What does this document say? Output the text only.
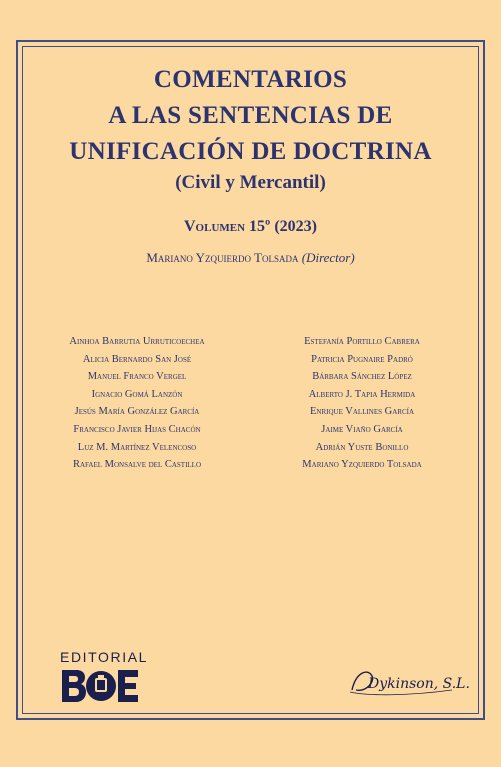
COMENTARIOS
A LAS SENTENCIAS DE
UNIFICACIÓN DE DOCTRINA
(Civil y Mercantil)
Volumen 15º (2023)
Mariano Yzquierdo Tolsada (Director)
Ainhoa Barrutia Urruticoechea
Alicia Bernardo San José
Manuel Franco Vergel
Ignacio Gomá Lanzón
Jesús María González García
Francisco Javier Hijas Chacón
Luz M. Martínez Velencoso
Rafael Monsalve del Castillo
Estefanía Portillo Cabrera
Patricia Pugnaire Padró
Bárbara Sánchez López
Alberto J. Tapia Hermida
Enrique Vallines García
Jaime Viaño García
Adrián Yuste Bonillo
Mariano Yzquierdo Tolsada
EDITORIAL
Dykinson, S.L.
